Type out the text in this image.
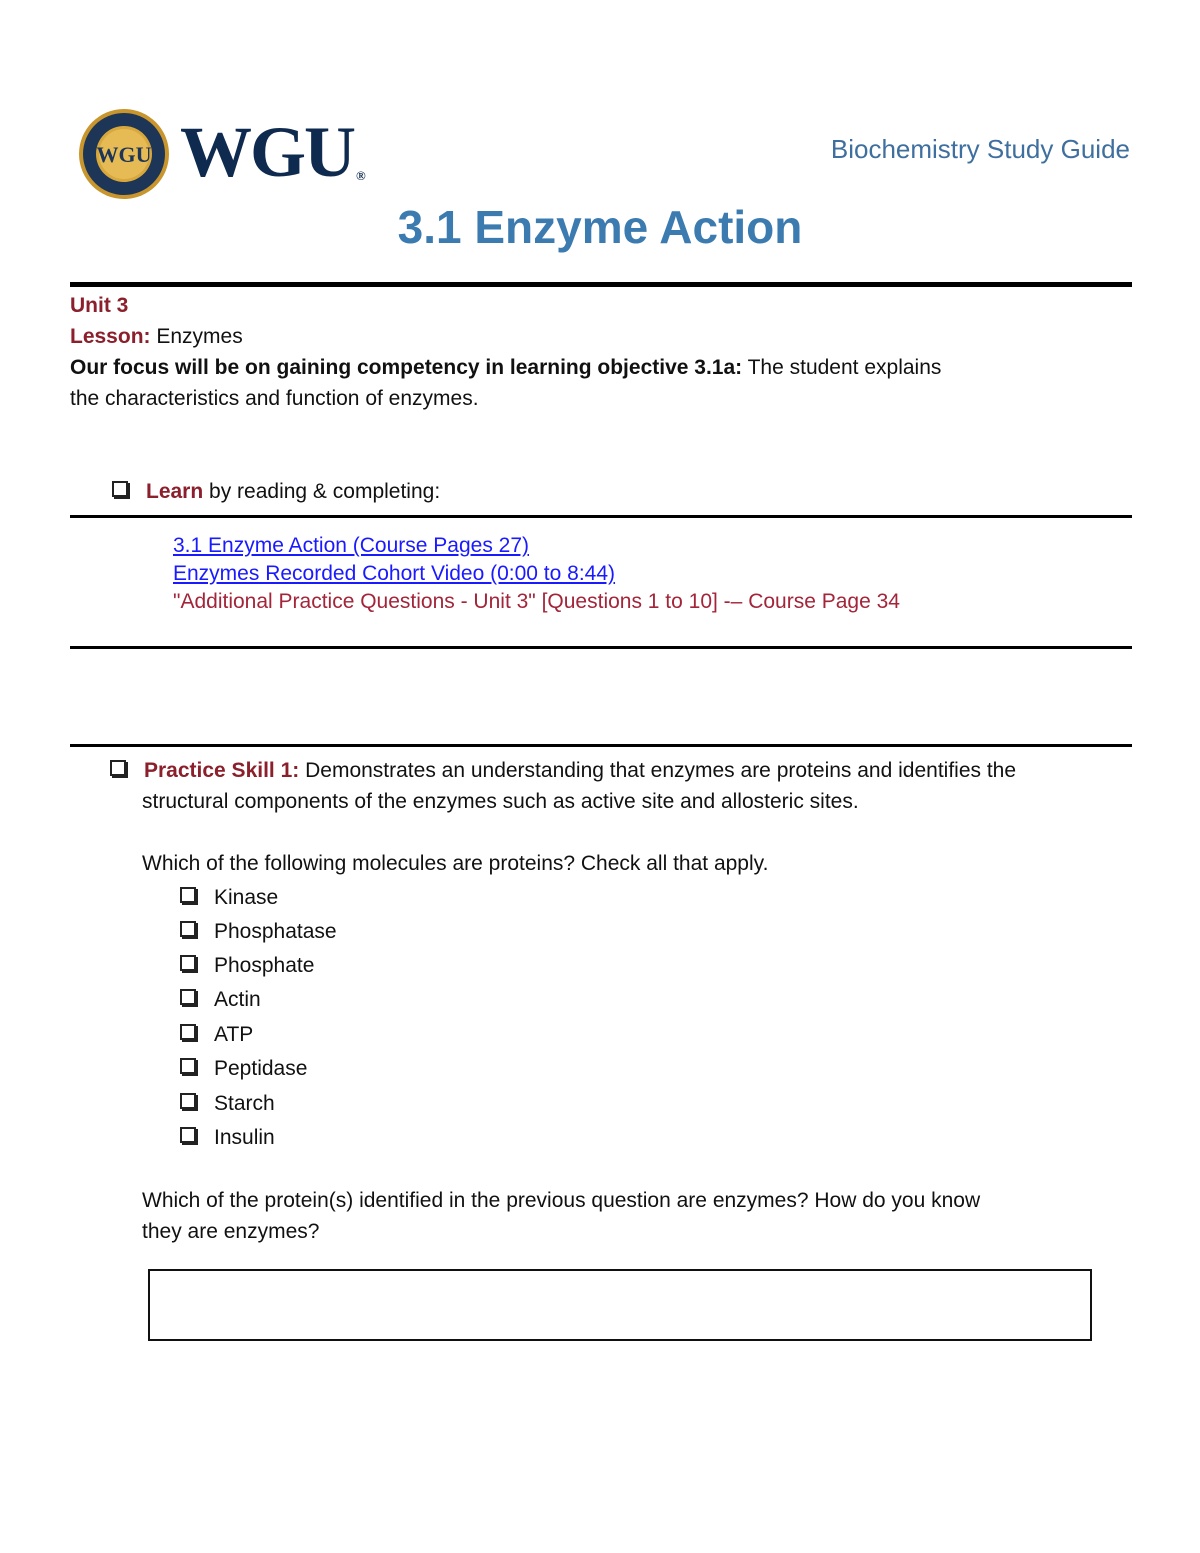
WGU WGU ®
Biochemistry Study Guide
3.1 Enzyme Action
Unit 3
Lesson: Enzymes
Our focus will be on gaining competency in learning objective 3.1a: The student explains
the characteristics and function of enzymes.
Learn by reading & completing:
3.1 Enzyme Action (Course Pages 27)
Enzymes Recorded Cohort Video (0:00 to 8:44)
"Additional Practice Questions - Unit 3" [Questions 1 to 10] -– Course Page 34
Practice Skill 1: Demonstrates an understanding that enzymes are proteins and identifies the
structural components of the enzymes such as active site and allosteric sites.
Which of the following molecules are proteins? Check all that apply.
Kinase
Phosphatase
Phosphate
Actin
ATP
Peptidase
Starch
Insulin
Which of the protein(s) identified in the previous question are enzymes? How do you know
they are enzymes?
